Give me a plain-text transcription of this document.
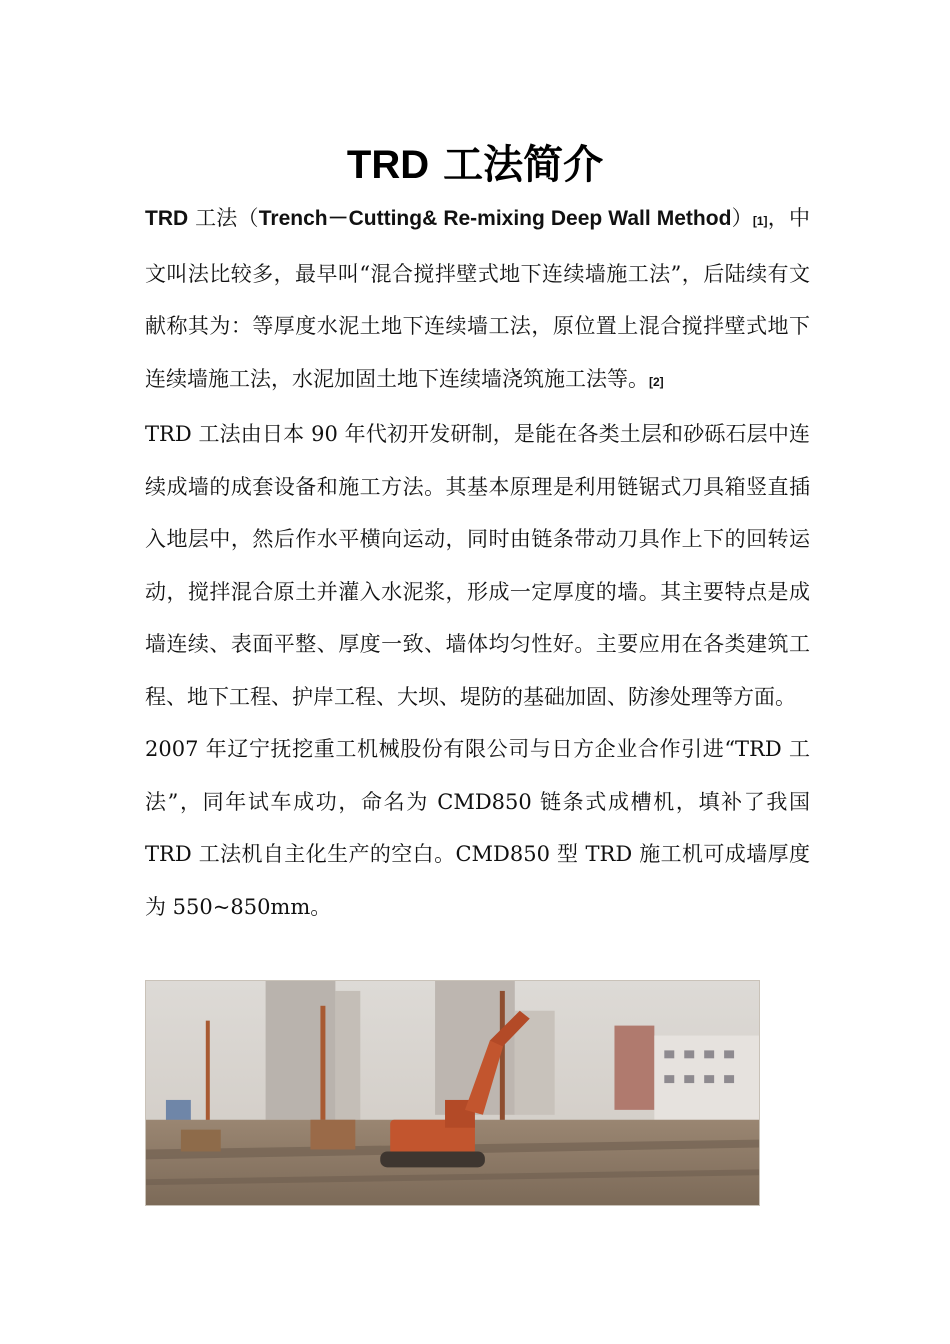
TRD 工法简介

TRD 工法（Trench－Cutting& Re-mixing Deep Wall Method）[1]，中文叫法比较多，最早叫“混合搅拌壁式地下连续墙施工法”，后陆续有文献称其为：等厚度水泥土地下连续墙工法，原位置上混合搅拌壁式地下连续墙施工法，水泥加固土地下连续墙浇筑施工法等。[2]

TRD 工法由日本 90 年代初开发研制，是能在各类土层和砂砾石层中连续成墙的成套设备和施工方法。其基本原理是利用链锯式刀具箱竖直插入地层中，然后作水平横向运动，同时由链条带动刀具作上下的回转运动，搅拌混合原土并灌入水泥浆，形成一定厚度的墙。其主要特点是成墙连续、表面平整、厚度一致、墙体均匀性好。主要应用在各类建筑工程、地下工程、护岸工程、大坝、堤防的基础加固、防渗处理等方面。

2007 年辽宁抚挖重工机械股份有限公司与日方企业合作引进“TRD 工法”，同年试车成功，命名为 CMD850 链条式成槽机，填补了我国 TRD 工法机自主化生产的空白。CMD850 型 TRD 施工机可成墙厚度为 550~850mm。
